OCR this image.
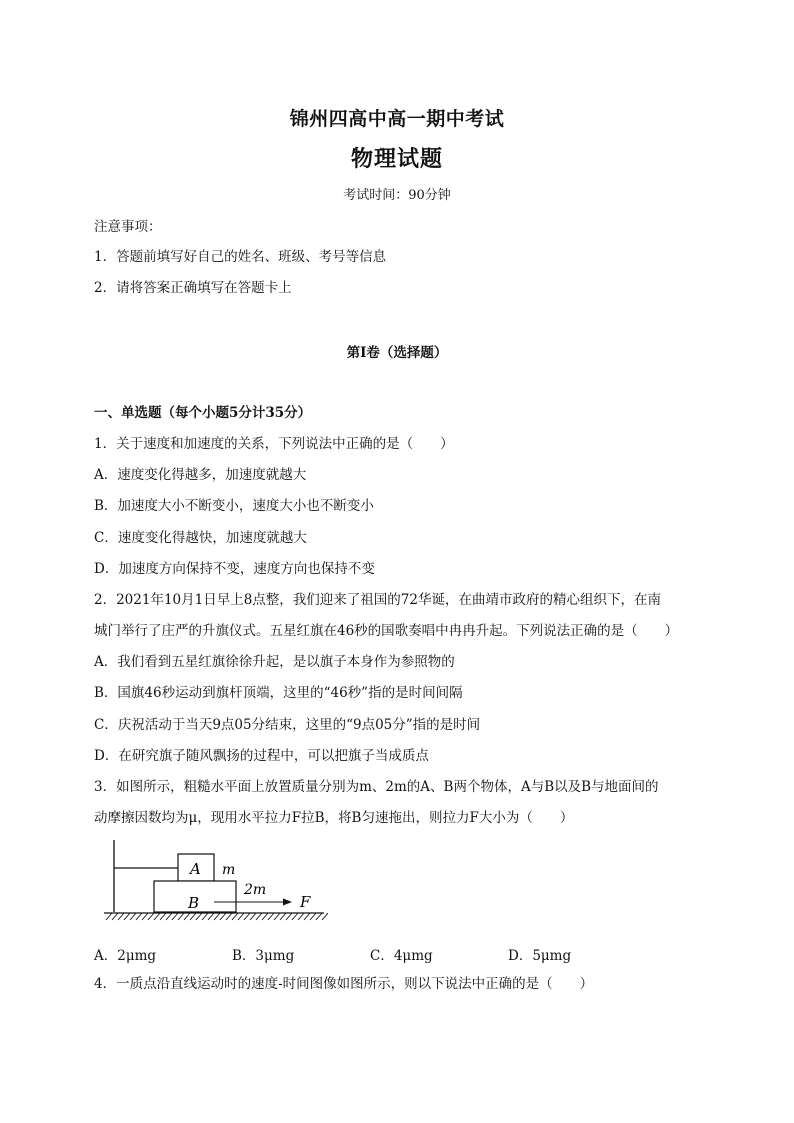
锦州四高中高一期中考试
物理试题
考试时间：90分钟
注意事项：
1．答题前填写好自己的姓名、班级、考号等信息
2．请将答案正确填写在答题卡上
第I卷（选择题）
一、单选题（每个小题5分计35分）
1．关于速度和加速度的关系，下列说法中正确的是（　　）
A．速度变化得越多，加速度就越大
B．加速度大小不断变小，速度大小也不断变小
C．速度变化得越快，加速度就越大
D．加速度方向保持不变，速度方向也保持不变
2．2021年10月1日早上8点整，我们迎来了祖国的72华诞，在曲靖市政府的精心组织下，在南
城门举行了庄严的升旗仪式。五星红旗在46秒的国歌奏唱中冉冉升起。下列说法正确的是（　　）
A．我们看到五星红旗徐徐升起，是以旗子本身作为参照物的
B．国旗46秒运动到旗杆顶端，这里的“46秒”指的是时间间隔
C．庆祝活动于当天9点05分结束，这里的“9点05分”指的是时间
D．在研究旗子随风飘扬的过程中，可以把旗子当成质点
3．如图所示，粗糙水平面上放置质量分别为m、2m的A、B两个物体，A与B以及B与地面间的
动摩擦因数均为μ，现用水平拉力F拉B，将B匀速拖出，则拉力F大小为（　　）
A m
B
2m
F
A．2μmg	B．3μmg	C．4μmg	D．5μmg
4．一质点沿直线运动时的速度-时间图像如图所示，则以下说法中正确的是（　　）
